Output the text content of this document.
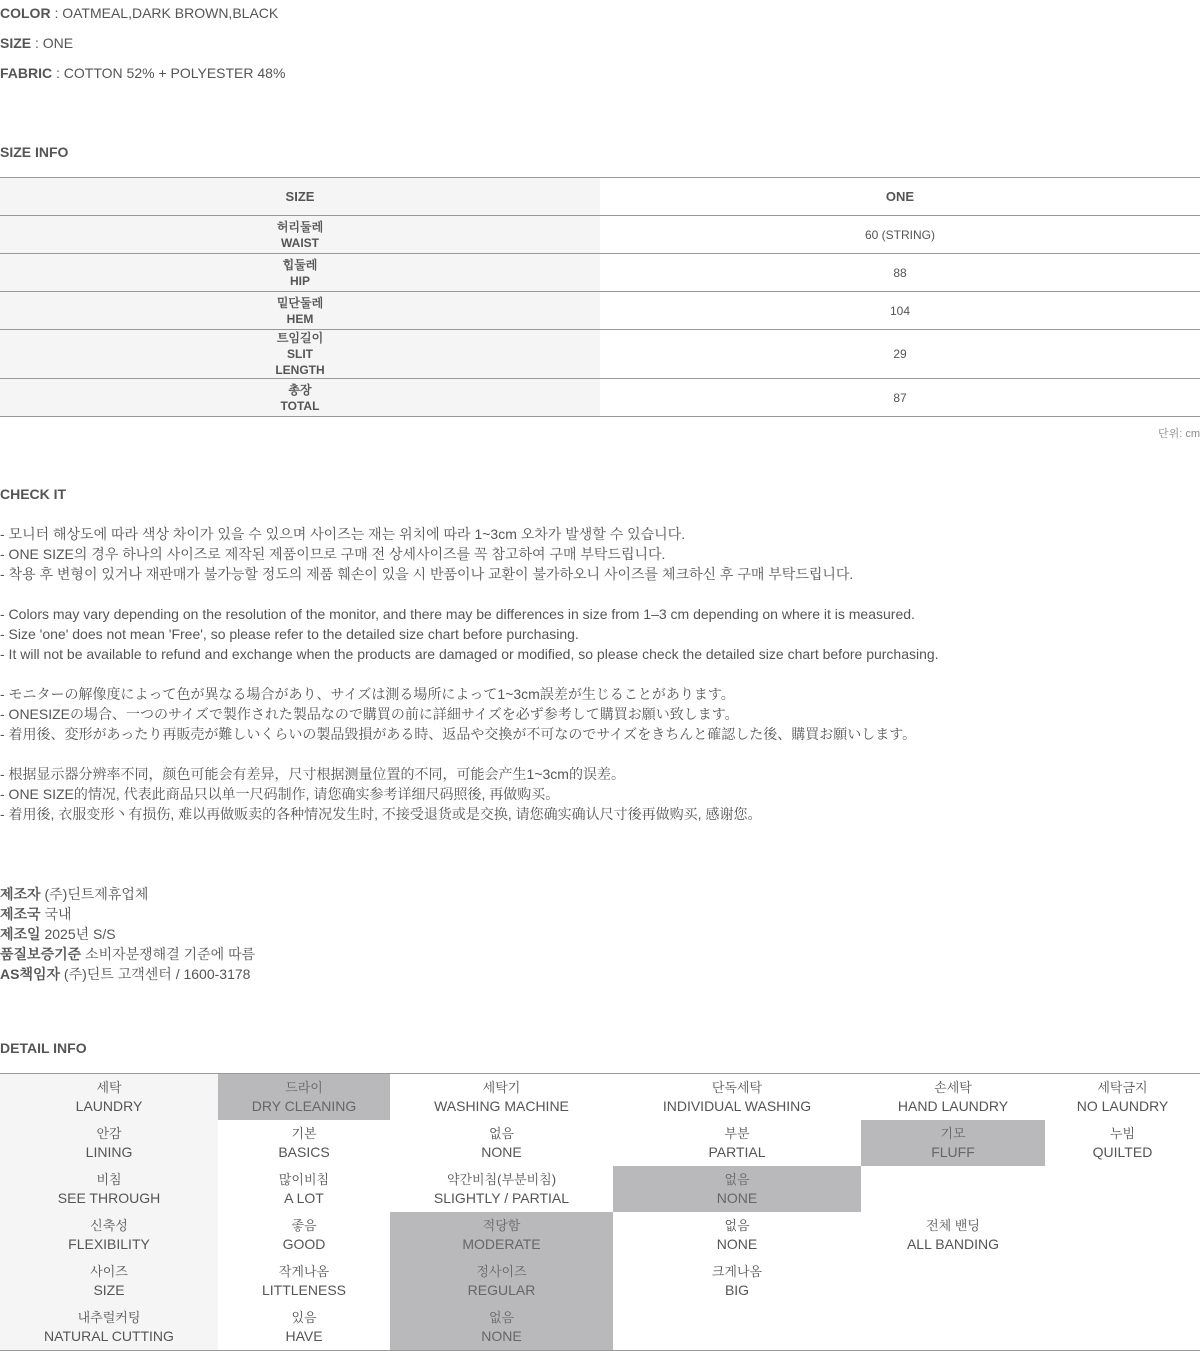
COLOR : OATMEAL,DARK BROWN,BLACK
SIZE : ONE
FABRIC : COTTON 52% + POLYESTER 48%
SIZE INFO
SIZE	ONE

허리둘레
WAIST	60 (STRING)

힙둘레
HIP	88

밑단둘레
HEM	104

트임길이
SLIT
LENGTH	29

총장
TOTAL	87
단위: cm
CHECK IT
- 모니터 해상도에 따라 색상 차이가 있을 수 있으며 사이즈는 재는 위치에 따라 1~3cm 오차가 발생할 수 있습니다.
- ONE SIZE의 경우 하나의 사이즈로 제작된 제품이므로 구매 전 상세사이즈를 꼭 참고하여 구매 부탁드립니다.
- 착용 후 변형이 있거나 재판매가 불가능할 정도의 제품 훼손이 있을 시 반품이나 교환이 불가하오니 사이즈를 체크하신 후 구매 부탁드립니다.
- Colors may vary depending on the resolution of the monitor, and there may be differences in size from 1–3 cm depending on where it is measured.
- Size 'one' does not mean 'Free', so please refer to the detailed size chart before purchasing.
- It will not be available to refund and exchange when the products are damaged or modified, so please check the detailed size chart before purchasing.
- モニターの解像度によって色が異なる場合があり、サイズは測る場所によって1~3cm誤差が生じることがあります。
- ONESIZEの場合、一つのサイズで製作された製品なので購買の前に詳細サイズを必ず参考して購買お願い致します。
- 着用後、変形があったり再販売が難しいくらいの製品毀損がある時、返品や交換が不可なのでサイズをきちんと確認した後、購買お願いします。
- 根据显示器分辨率不同，颜色可能会有差异，尺寸根据测量位置的不同，可能会产生1~3cm的误差。
- ONE SIZE的情况, 代表此商品只以单一尺码制作, 请您确实参考详细尺码照後, 再做购买。
- 着用後, 衣服变形丶有损伤, 难以再做贩卖的各种情况发生时, 不接受退货或是交换, 请您确实确认尺寸後再做购买, 感谢您。
제조자 (주)딘트제휴업체
제조국 국내
제조일 2025년 S/S
품질보증기준 소비자분쟁해결 기준에 따름
AS책임자 (주)딘트 고객센터 / 1600-3178
DETAIL INFO
세탁
LAUNDRY	드라이
DRY CLEANING	세탁기
WASHING MACHINE	단독세탁
INDIVIDUAL WASHING	손세탁
HAND LAUNDRY	세탁금지
NO LAUNDRY

안감
LINING	기본
BASICS	없음
NONE	부분
PARTIAL	기모
FLUFF	누빔
QUILTED

비침
SEE THROUGH	많이비침
A LOT	약간비침(부분비침)
SLIGHTLY / PARTIAL	없음
NONE		

신축성
FLEXIBILITY	좋음
GOOD	적당함
MODERATE	없음
NONE	전체 밴딩
ALL BANDING	

사이즈
SIZE	작게나옴
LITTLENESS	정사이즈
REGULAR	크게나옴
BIG		

내추럴커팅
NATURAL CUTTING	있음
HAVE	없음
NONE			
